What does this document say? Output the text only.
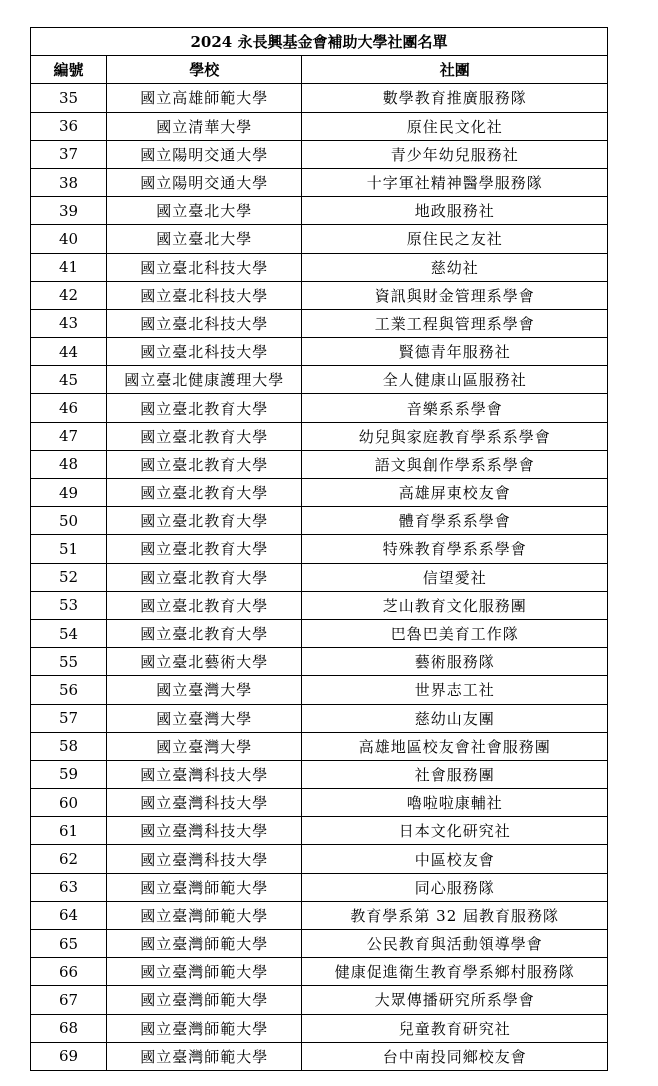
2024 永長興基金會補助大學社團名單		
編號	學校	社團
35	國立高雄師範大學	數學教育推廣服務隊
36	國立清華大學	原住民文化社
37	國立陽明交通大學	青少年幼兒服務社
38	國立陽明交通大學	十字軍社精神醫學服務隊
39	國立臺北大學	地政服務社
40	國立臺北大學	原住民之友社
41	國立臺北科技大學	慈幼社
42	國立臺北科技大學	資訊與財金管理系學會
43	國立臺北科技大學	工業工程與管理系學會
44	國立臺北科技大學	賢德青年服務社
45	國立臺北健康護理大學	全人健康山區服務社
46	國立臺北教育大學	音樂系系學會
47	國立臺北教育大學	幼兒與家庭教育學系系學會
48	國立臺北教育大學	語文與創作學系系學會
49	國立臺北教育大學	高雄屏東校友會
50	國立臺北教育大學	體育學系系學會
51	國立臺北教育大學	特殊教育學系系學會
52	國立臺北教育大學	信望愛社
53	國立臺北教育大學	芝山教育文化服務團
54	國立臺北教育大學	巴魯巴美育工作隊
55	國立臺北藝術大學	藝術服務隊
56	國立臺灣大學	世界志工社
57	國立臺灣大學	慈幼山友團
58	國立臺灣大學	高雄地區校友會社會服務團
59	國立臺灣科技大學	社會服務團
60	國立臺灣科技大學	嚕啦啦康輔社
61	國立臺灣科技大學	日本文化研究社
62	國立臺灣科技大學	中區校友會
63	國立臺灣師範大學	同心服務隊
64	國立臺灣師範大學	教育學系第 32 屆教育服務隊
65	國立臺灣師範大學	公民教育與活動領導學會
66	國立臺灣師範大學	健康促進衛生教育學系鄉村服務隊
67	國立臺灣師範大學	大眾傳播研究所系學會
68	國立臺灣師範大學	兒童教育研究社
69	國立臺灣師範大學	台中南投同鄉校友會
